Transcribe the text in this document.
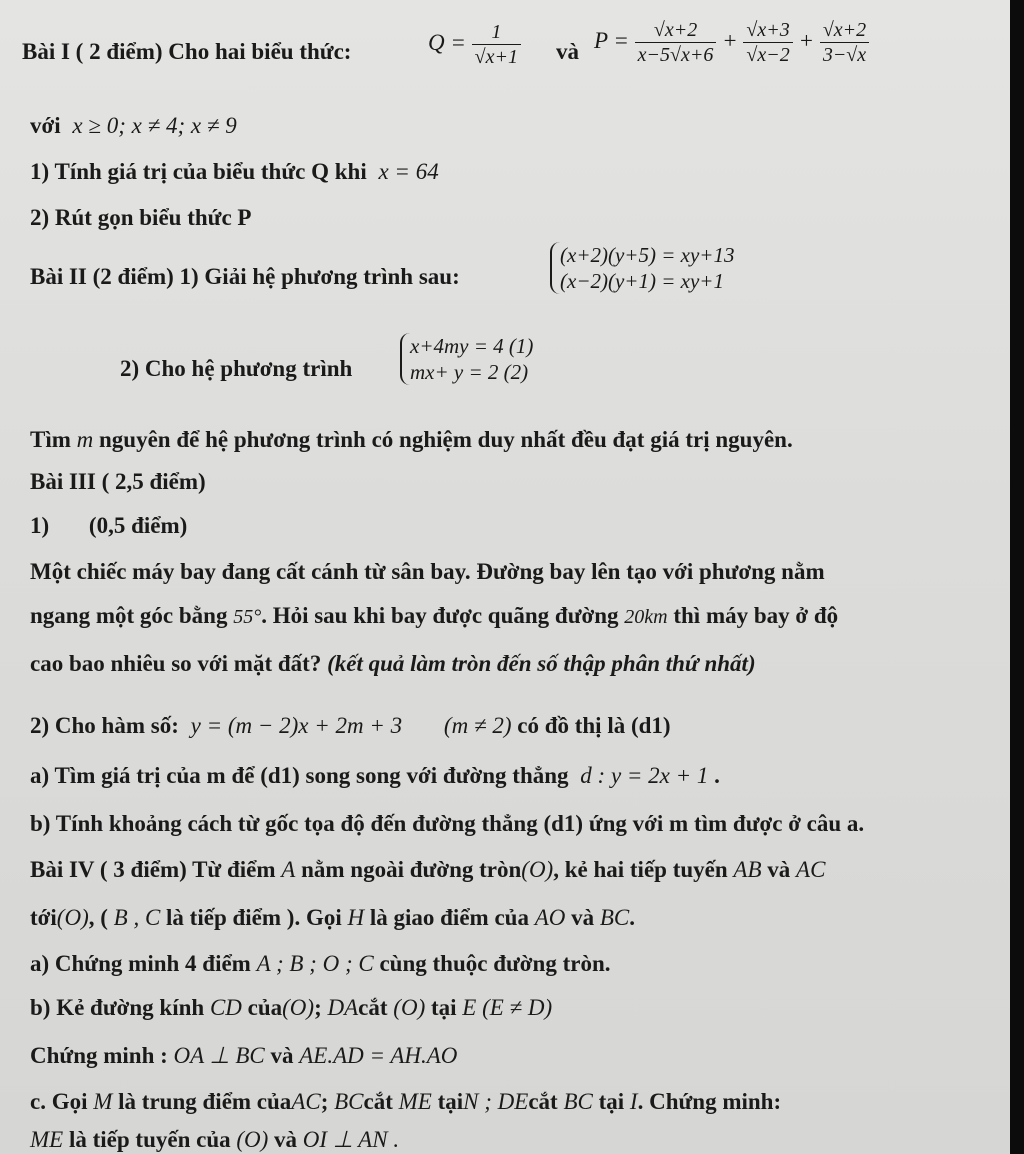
Bài I ( 2 điểm) Cho hai biểu thức:	$Q = \frac{1}{√x+1}$ và $P = \frac{√x+2}{x-5√x+6} + \frac{√x+3}{√x-2} + \frac{√x+2}{3-√x}$
với x ≥ 0; x ≠ 4; x ≠ 9
1) Tính giá trị của biểu thức Q khi x = 64
2) Rút gọn biểu thức P
Bài II (2 điểm) 1) Giải hệ phương trình sau:
(x+2)(y+5) = xy+13
(x−2)(y+1) = xy+1
2) Cho hệ phương trình
x+4my = 4 (1)
mx+ y = 2 (2)
Tìm m nguyên để hệ phương trình có nghiệm duy nhất đều đạt giá trị nguyên.
Bài III ( 2,5 điểm)
1) (0,5 điểm)
Một chiếc máy bay đang cất cánh từ sân bay. Đường bay lên tạo với phương nằm
ngang một góc bằng 55°. Hỏi sau khi bay được quãng đường 20km thì máy bay ở độ
cao bao nhiêu so với mặt đất? (kết quả làm tròn đến số thập phân thứ nhất)
2) Cho hàm số: y = (m − 2)x + 2m + 3 (m ≠ 2) có đồ thị là (d1)
a) Tìm giá trị của m để (d1) song song với đường thẳng d : y = 2x + 1 .
b) Tính khoảng cách từ gốc tọa độ đến đường thẳng (d1) ứng với m tìm được ở câu a.
Bài IV ( 3 điểm) Từ điểm A nằm ngoài đường tròn(O), kẻ hai tiếp tuyến AB và AC
tới(O), ( B , C là tiếp điểm ). Gọi H là giao điểm của AO và BC.
a) Chứng minh 4 điểm A ; B ; O ; C cùng thuộc đường tròn.
b) Kẻ đường kính CD của(O); DAcắt (O) tại E (E ≠ D)
Chứng minh : OA ⊥ BC và AE.AD = AH.AO
c. Gọi M là trung điểm củaAC; BCcắt ME tạiN ; DEcắt BC tại I. Chứng minh:
ME là tiếp tuyến của (O) và OI ⊥ AN .
